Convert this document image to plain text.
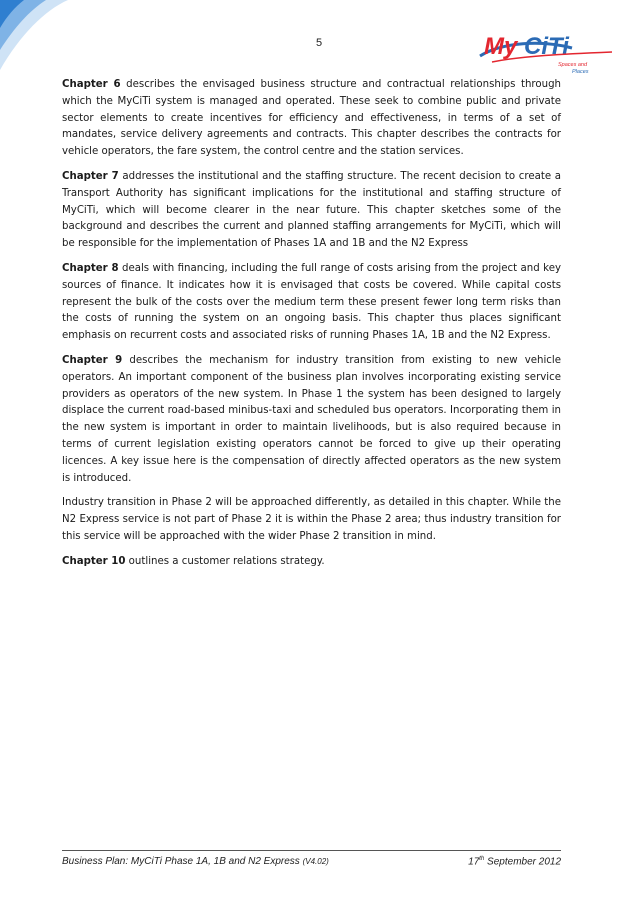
5	My CiTi
Spaces and
Places

Chapter 6 describes the envisaged business structure and contractual relationships through which the MyCiTi system is managed and operated. These seek to combine public and private sector elements to create incentives for efficiency and effectiveness, in terms of a set of mandates, service delivery agreements and contracts. This chapter describes the contracts for vehicle operators, the fare system, the control centre and the station services.

Chapter 7 addresses the institutional and the staffing structure. The recent decision to create a Transport Authority has significant implications for the institutional and staffing structure of MyCiTi, which will become clearer in the near future. This chapter sketches some of the background and describes the current and planned staffing arrangements for MyCiTi, which will be responsible for the implementation of Phases 1A and 1B and the N2 Express

Chapter 8 deals with financing, including the full range of costs arising from the project and key sources of finance. It indicates how it is envisaged that costs be covered. While capital costs represent the bulk of the costs over the medium term these present fewer long term risks than the costs of running the system on an ongoing basis. This chapter thus places significant emphasis on recurrent costs and associated risks of running Phases 1A, 1B and the N2 Express.

Chapter 9 describes the mechanism for industry transition from existing to new vehicle operators. An important component of the business plan involves incorporating existing service providers as operators of the new system. In Phase 1 the system has been designed to largely displace the current road-based minibus-taxi and scheduled bus operators. Incorporating them in the new system is important in order to maintain livelihoods, but is also required because in terms of current legislation existing operators cannot be forced to give up their operating licences. A key issue here is the compensation of directly affected operators as the new system is introduced.

Industry transition in Phase 2 will be approached differently, as detailed in this chapter. While the N2 Express service is not part of Phase 2 it is within the Phase 2 area; thus industry transition for this service will be approached with the wider Phase 2 transition in mind.

Chapter 10 outlines a customer relations strategy.

Business Plan: MyCiTi Phase 1A, 1B and N2 Express (V4.02)	17th September 2012
